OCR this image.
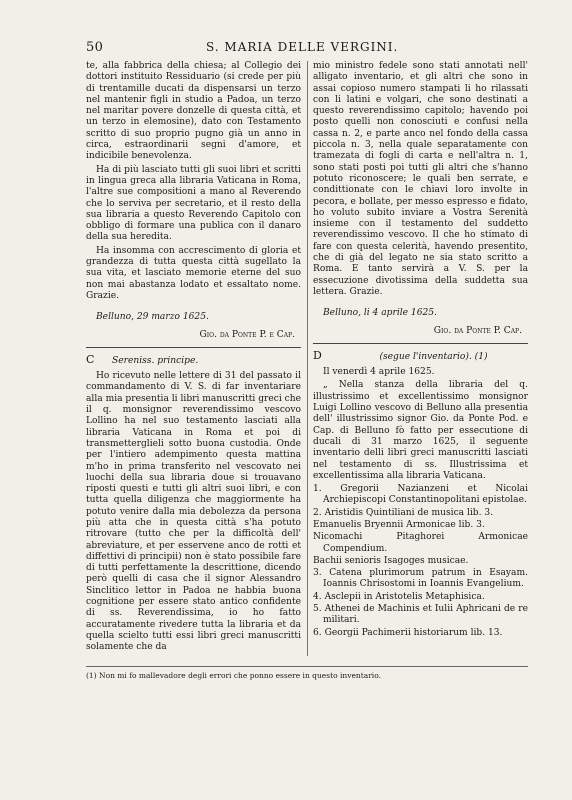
50	S. MARIA DELLE VERGINI.

te, alla fabbrica della chiesa; al Collegio dei dottori instituito Ressiduario (si crede per più di trentamille ducati da dispensarsi un terzo nel mantenir figli in studio a Padoa, un terzo nel maritar povere donzelle di questa città, et un terzo in elemosine), dato con Testamento scritto di suo proprio pugno già un anno in circa, estraordinarii segni d'amore, et indicibile benevolenza.

Ha di più lasciato tutti gli suoi libri et scritti in lingua greca alla libraria Vaticana in Roma, l'altre sue compositioni a mano al Reverendo che lo serviva per secretario, et il resto della sua libraria a questo Reverendo Capitolo con obbligo di formare una publica con il danaro della sua heredita.

Ha insomma con accrescimento di gloria et grandezza di tutta questa città sugellato la sua vita, et lasciato memorie eterne del suo non mai abastanza lodato et essaltato nome. Grazie.

Belluno, 29 marzo 1625.

Gio. da Ponte P. e Cap.

C	Sereniss. principe.

Ho ricevuto nelle lettere di 31 del passato il commandamento di V. S. di far inventariare alla mia presentia li libri manuscritti greci che il q. monsignor reverendissimo vescovo Lollino ha nel suo testamento lasciati alla libraria Vaticana in Roma et poi di transmetterglieli sotto buona custodia. Onde per l'intiero adempimento questa mattina m'ho in prima transferito nel vescovato nei luochi della sua libraria doue si trouavano riposti questi e tutti gli altri suoi libri, e con tutta quella diligenza che maggiormente ha potuto venire dalla mia debolezza da persona più atta che in questa città s'ha potuto ritrovare (tutto che per la difficoltà dell' abreviature, et per esservene anco de rotti et diffettivi di principii) non è stato possibile fare di tutti perfettamente la descrittione, dicendo però quelli di casa che il signor Alessandro Sinclitico lettor in Padoa ne habbia buona cognitione per essere stato antico confidente di ss. Reverendissima, io ho fatto accuratamente rivedere tutta la libraria et da quella scielto tutti essi libri greci manuscritti solamente che da

mio ministro fedele sono stati annotati nell' alligato inventario, et gli altri che sono in assai copioso numero stampati li ho rilassati con li latini e volgari, che sono destinati a questo reverendissimo capitolo; havendo poi posto quelli non conosciuti e confusi nella cassa n. 2, e parte anco nel fondo della cassa piccola n. 3, nella quale separatamente con tramezata di fogli di carta e nell'altra n. 1, sono stati posti poi tutti gli altri che s'hanno potuto riconoscere; le quali ben serrate, e condittionate con le chiavi loro involte in pecora, e bollate, per messo espresso e fidato, ho voluto subito inviare a Vostra Serenità insieme con il testamento del suddetto reverendissimo vescovo. Il che ho stimato di fare con questa celerità, havendo presentito, che di già del legato ne sia stato scritto a Roma. E tanto servirà a V. S. per la essecuzione divotissima della suddetta sua lettera. Grazie.

Belluno, li 4 aprile 1625.

Gio. da Ponte P. Cap.

D	(segue l'inventario). (1)

Il venerdì 4 aprile 1625.

„ Nella stanza della libraria del q. illustrissimo et excellentissimo monsignor Luigi Lollino vescovo di Belluno alla presentia dell' illustrissimo signor Gio. da Ponte Pod. e Cap. di Belluno fò fatto per essecutione di ducali di 31 marzo 1625, il seguente inventario delli libri greci manuscritti lasciati nel testamento di ss. Illustrissima et excellentissima alla libraria Vaticana.

1. Gregorii Nazianzeni et Nicolai Archiepiscopi Constantinopolitani epistolae.
2. Aristidis Quintiliani de musica lib. 3.
Emanuelis Bryennii Armonicae lib. 3.
Nicomachi Pitaghorei Armonicae Compendium.
Bachii senioris Isagoges musicae.
3. Catena plurimorum patrum in Esayam. Ioannis Chrisostomi in Ioannis Evangelium.
4. Asclepii in Aristotelis Metaphisica.
5. Athenei de Machinis et Iulii Aphricani de re militari.
6. Georgii Pachimerii historiarum lib. 13.
(1) Non mi fo mallevadore degli errori che ponno essere in questo inventario.
